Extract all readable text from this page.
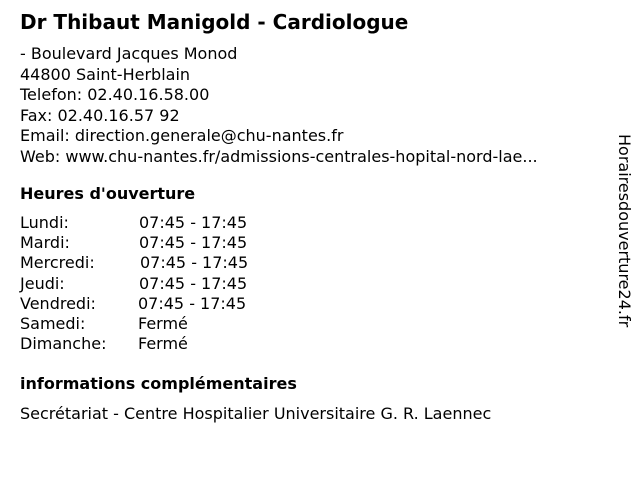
Dr Thibaut Manigold - Cardiologue
- Boulevard Jacques Monod
44800 Saint-Herblain
Telefon: 02.40.16.58.00
Fax: 02.40.16.57 92
Email: direction.generale@chu-nantes.fr
Web: www.chu-nantes.fr/admissions-centrales-hopital-nord-lae...
Heures d'ouverture
Lundi:	07:45 - 17:45
Mardi:	07:45 - 17:45
Mercredi:	07:45 - 17:45
Jeudi:	07:45 - 17:45
Vendredi:	07:45 - 17:45
Samedi:	Fermé
Dimanche: Fermé
informations complémentaires
Secrétariat - Centre Hospitalier Universitaire G. R. Laennec
Horairesdouverture24.fr
